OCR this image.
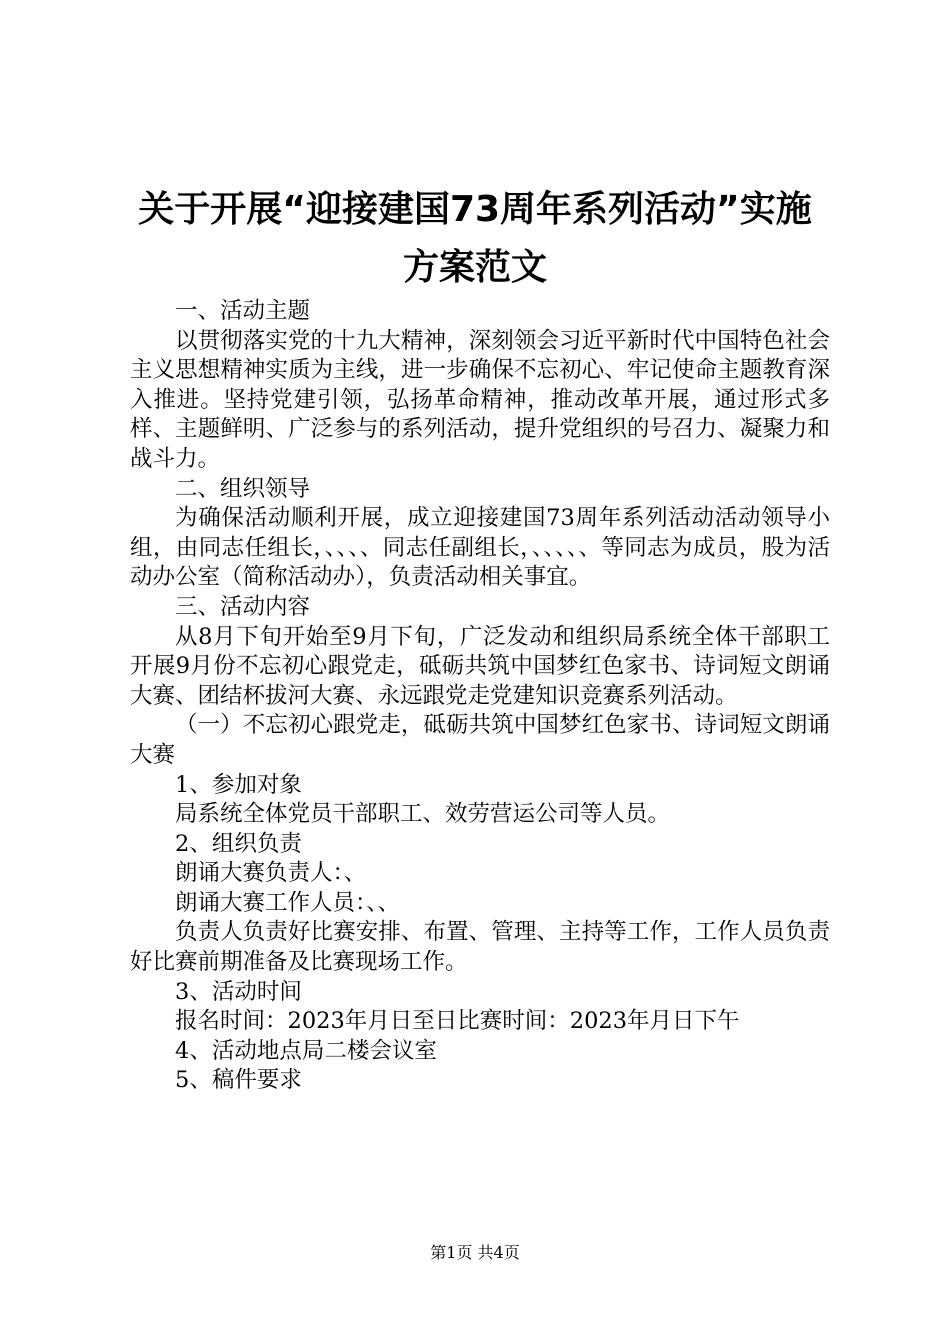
关于开展“迎接建国73周年系列活动”实施
方案范文

一、活动主题

以贯彻落实党的十九大精神，深刻领会习近平新时代中国特色社会主义思想精神实质为主线，进一步确保不忘初心、牢记使命主题教育深入推进。坚持党建引领，弘扬革命精神，推动改革开展，通过形式多样、主题鲜明、广泛参与的系列活动，提升党组织的号召力、凝聚力和战斗力。

二、组织领导

为确保活动顺利开展，成立迎接建国73周年系列活动活动领导小组，由同志任组长，、、、、同志任副组长，、、、、、等同志为成员，股为活动办公室（简称活动办），负责活动相关事宜。

三、活动内容

从8月下旬开始至9月下旬，广泛发动和组织局系统全体干部职工开展9月份不忘初心跟党走，砥砺共筑中国梦红色家书、诗词短文朗诵大赛、团结杯拔河大赛、永远跟党走党建知识竞赛系列活动。

（一）不忘初心跟党走，砥砺共筑中国梦红色家书、诗词短文朗诵大赛

1、参加对象

局系统全体党员干部职工、效劳营运公司等人员。

2、组织负责

朗诵大赛负责人：、

朗诵大赛工作人员：、、

负责人负责好比赛安排、布置、管理、主持等工作，工作人员负责好比赛前期准备及比赛现场工作。

3、活动时间

报名时间：2023年月日至日比赛时间：2023年月日下午

4、活动地点局二楼会议室

5、稿件要求

第1页 共4页
